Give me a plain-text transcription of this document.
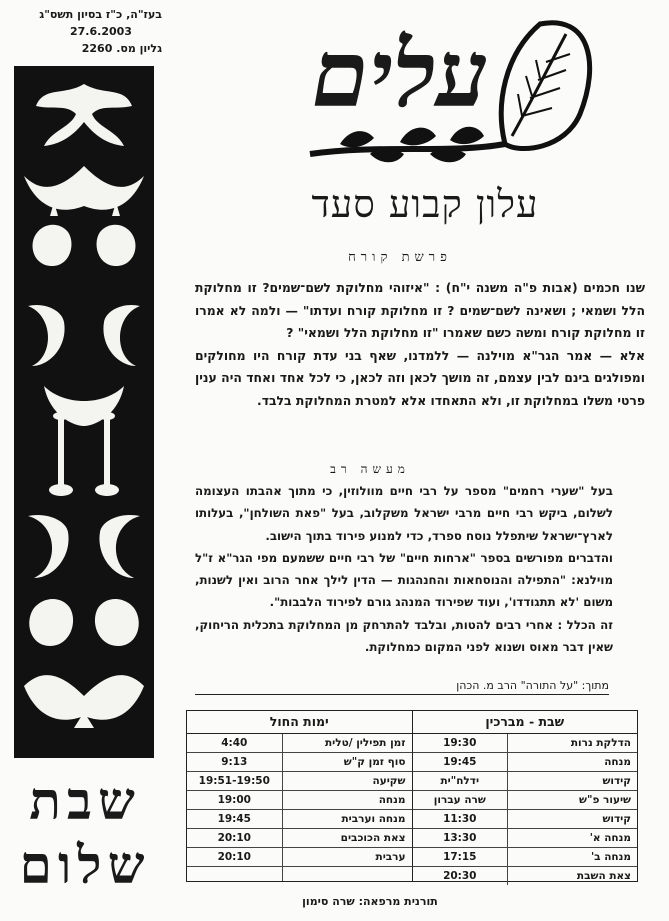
בעז"ה, כ"ז בסיון תשס"ג
27.6.2003
גליון מס. 2260
שבת
שלום
עלים
עלון קבוע סעד
פרשת קורח
שנו חכמים (אבות פ"ה משנה י"ח) : "איזוהי מחלוקת לשם־שמים? זו מחלוקת הלל ושמאי ; ושאינה לשם־שמים ? זו מחלוקת קורח ועדתו" — ולמה לא אמרו זו מחלוקת קורח ומשה כשם שאמרו "זו מחלוקת הלל ושמאי" ?
אלא — אמר הגר"א מוילנה — ללמדנו, שאף בני עדת קורח היו מחולקים ומפולגים בינם לבין עצמם, זה מושך לכאן וזה לכאן, כי לכל אחד ואחד היה ענין פרטי משלו במחלוקת זו, ולא התאחדו אלא למטרת המחלוקת בלבד.
מעשה רב
בעל "שערי רחמים" מספר על רבי חיים מוולוזין, כי מתוך אהבתו העצומה לשלום, ביקש רבי חיים מרבי ישראל משקלוב, בעל "פאת השולחן", בעלותו לארץ־ישראל שיתפלל נוסח ספרד, כדי למנוע פירוד בתוך הישוב.
והדברים מפורשים בספר "ארחות חיים" של רבי חיים ששמעם מפי הגר"א ז"ל מוילנא: "התפילה והנוסחאות והחנהגות — הדין לילך אחר הרוב ואין לשנות, משום 'לא תתגודדו', ועוד שפירוד המנהג גורם לפירוד הלבבות".
זה הכלל : אחרי רבים להטות, ובלבד להתרחק מן המחלוקת בתכלית הריחוק, שאין דבר מאוס ושנוא לפני המקום כמחלוקת.
מתוך: "על התורה" הרב מ. הכהן
שבת - מברכין
הדלקת נרות
19:30
מנחה
19:45
קידוש
ידלח"ית
שיעור פ"ש
שרה עברון
קידוש
11:30
מנחה א'
13:30
מנחה ב'
17:15
צאת השבת
20:30
ימות החול
זמן תפילין /טלית
4:40
סוף זמן ק"ש
9:13
שקיעה
19:51-19:50
מנחה
19:00
מנחה וערבית
19:45
צאת הכוכבים
20:10
ערבית
20:10
תורנית מרפאה: שרה סימון
